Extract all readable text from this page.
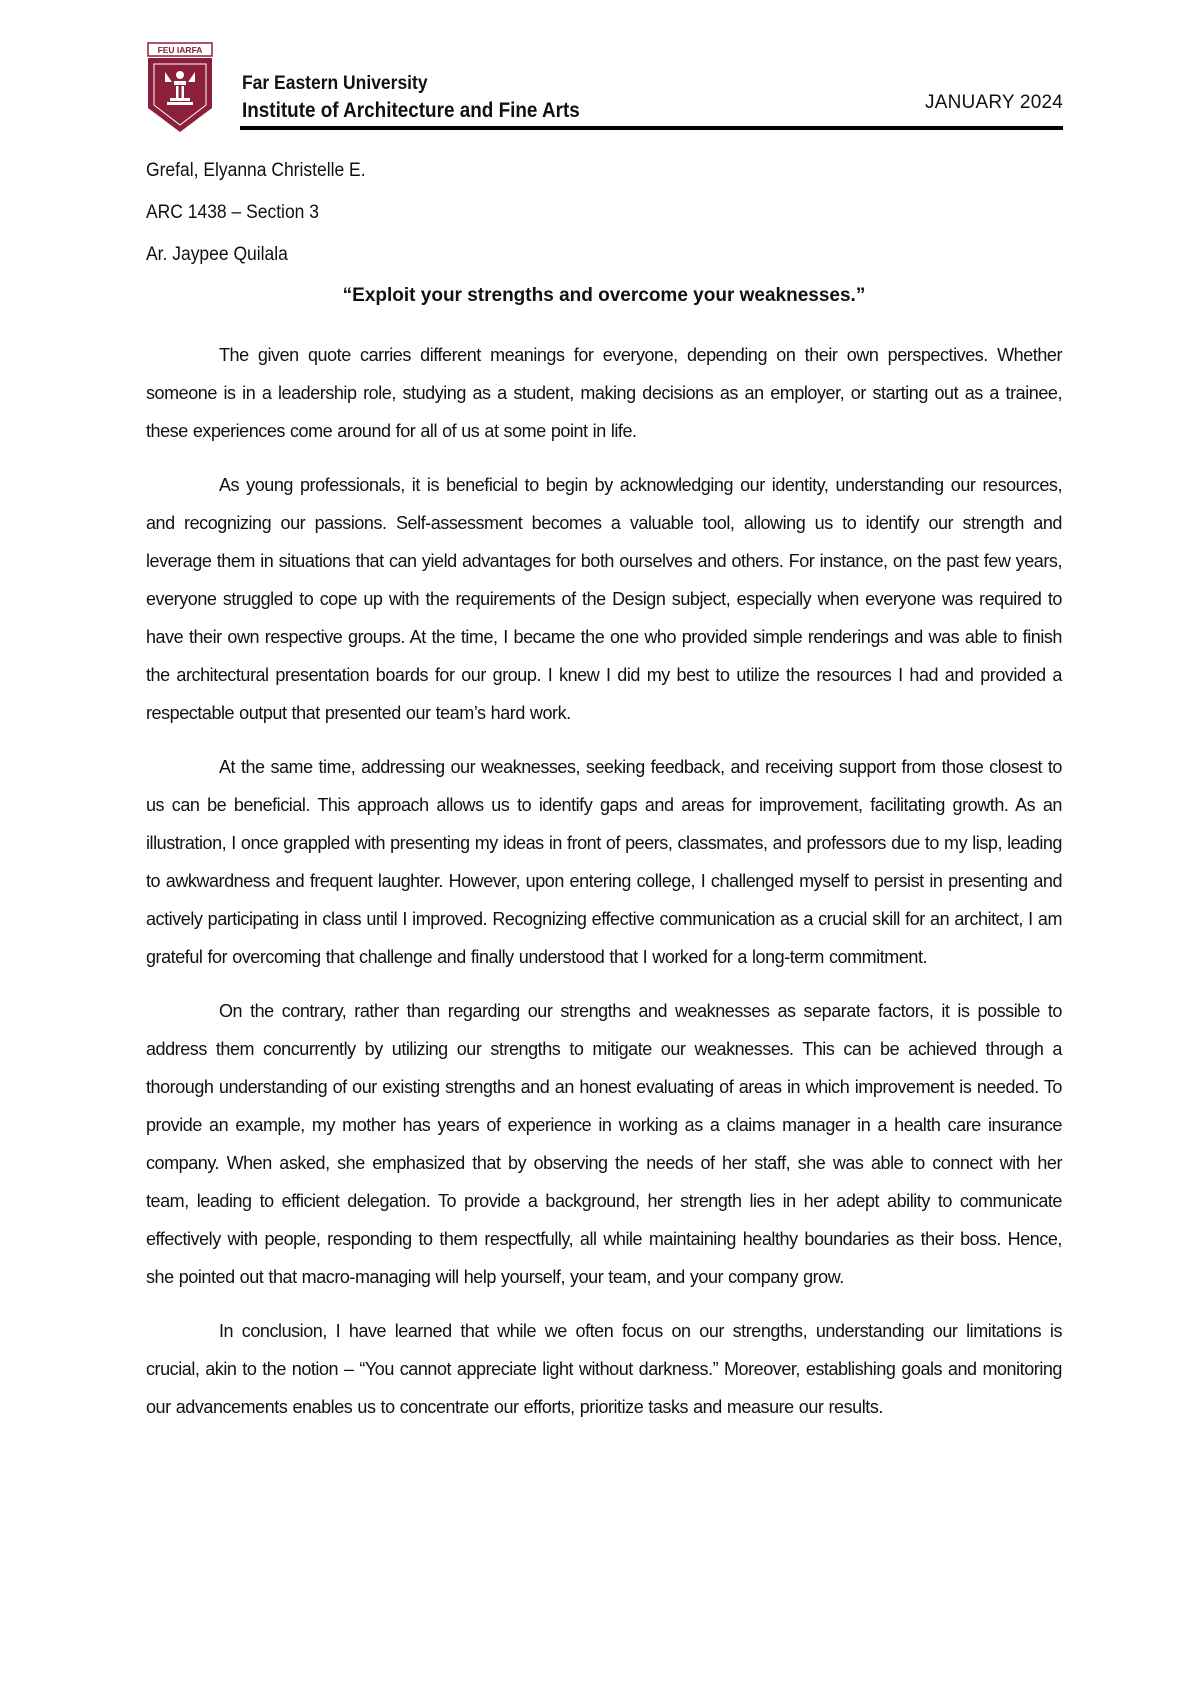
FEU IARFA
Far Eastern University
Institute of Architecture and Fine Arts	JANUARY 2024
Grefal, Elyanna Christelle E.
ARC 1438 – Section 3
Ar. Jaypee Quilala
“Exploit your strengths and overcome your weaknesses.”

The given quote carries different meanings for everyone, depending on their own perspectives. Whether someone is in a leadership role, studying as a student, making decisions as an employer, or starting out as a trainee, these experiences come around for all of us at some point in life.

As young professionals, it is beneficial to begin by acknowledging our identity, understanding our resources, and recognizing our passions. Self-assessment becomes a valuable tool, allowing us to identify our strength and leverage them in situations that can yield advantages for both ourselves and others. For instance, on the past few years, everyone struggled to cope up with the requirements of the Design subject, especially when everyone was required to have their own respective groups. At the time, I became the one who provided simple renderings and was able to finish the architectural presentation boards for our group. I knew I did my best to utilize the resources I had and provided a respectable output that presented our team’s hard work.

At the same time, addressing our weaknesses, seeking feedback, and receiving support from those closest to us can be beneficial. This approach allows us to identify gaps and areas for improvement, facilitating growth. As an illustration, I once grappled with presenting my ideas in front of peers, classmates, and professors due to my lisp, leading to awkwardness and frequent laughter. However, upon entering college, I challenged myself to persist in presenting and actively participating in class until I improved. Recognizing effective communication as a crucial skill for an architect, I am grateful for overcoming that challenge and finally understood that I worked for a long-term commitment.

On the contrary, rather than regarding our strengths and weaknesses as separate factors, it is possible to address them concurrently by utilizing our strengths to mitigate our weaknesses. This can be achieved through a thorough understanding of our existing strengths and an honest evaluating of areas in which improvement is needed. To provide an example, my mother has years of experience in working as a claims manager in a health care insurance company. When asked, she emphasized that by observing the needs of her staff, she was able to connect with her team, leading to efficient delegation. To provide a background, her strength lies in her adept ability to communicate effectively with people, responding to them respectfully, all while maintaining healthy boundaries as their boss. Hence, she pointed out that macro-managing will help yourself, your team, and your company grow.

In conclusion, I have learned that while we often focus on our strengths, understanding our limitations is crucial, akin to the notion – “You cannot appreciate light without darkness.” Moreover, establishing goals and monitoring our advancements enables us to concentrate our efforts, prioritize tasks and measure our results.
